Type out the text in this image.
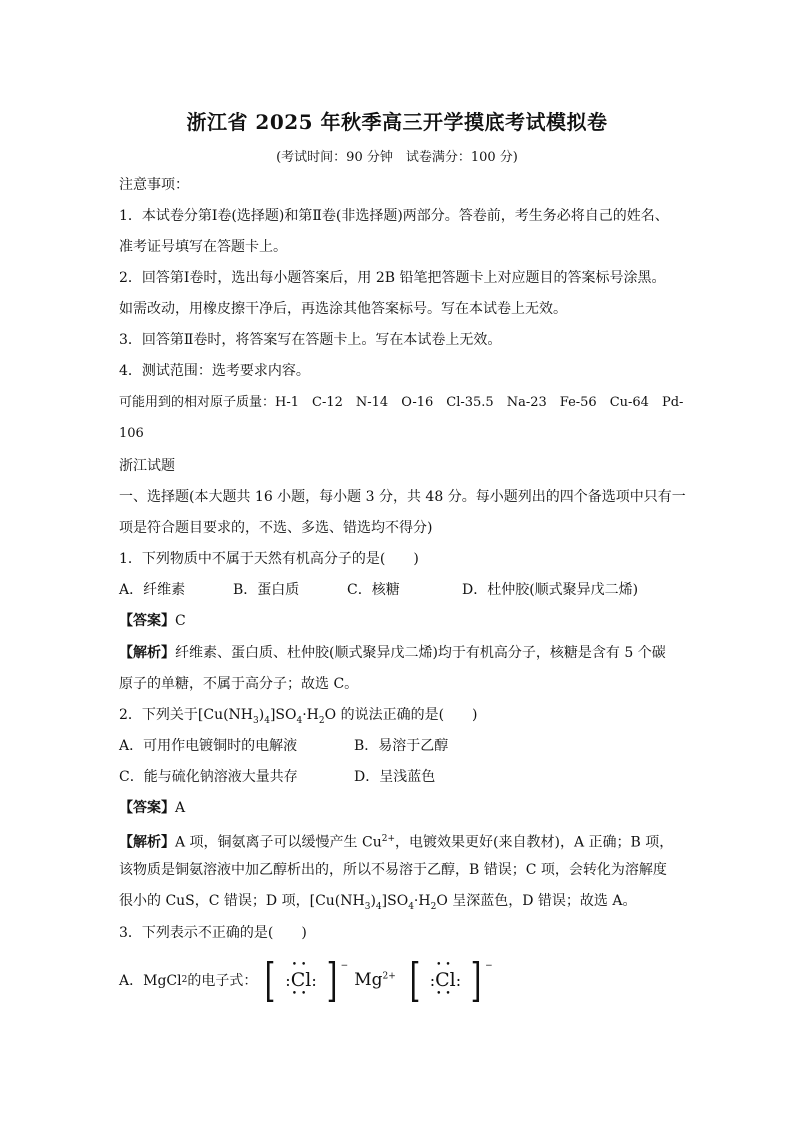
浙江省 2025 年秋季高三开学摸底考试模拟卷
(考试时间：90 分钟　试卷满分：100 分)
注意事项：
1．本试卷分第Ⅰ卷(选择题)和第Ⅱ卷(非选择题)两部分。答卷前，考生务必将自己的姓名、
准考证号填写在答题卡上。
2．回答第Ⅰ卷时，选出每小题答案后，用 2B 铅笔把答题卡上对应题目的答案标号涂黑。
如需改动，用橡皮擦干净后，再选涂其他答案标号。写在本试卷上无效。
3．回答第Ⅱ卷时，将答案写在答题卡上。写在本试卷上无效。
4．测试范围：选考要求内容。
可能用到的相对原子质量：H-1　C-12　N-14　O-16　Cl-35.5　Na-23　Fe-56　Cu-64　Pd-
106
浙江试题
一、选择题(本大题共 16 小题，每小题 3 分，共 48 分。每小题列出的四个备选项中只有一
项是符合题目要求的，不选、多选、错选均不得分)
1．下列物质中不属于天然有机高分子的是(　　)
A．纤维素	B．蛋白质	C．核糖	D．杜仲胶(顺式聚异戊二烯)
【答案】C
【解析】纤维素、蛋白质、杜仲胶(顺式聚异戊二烯)均于有机高分子，核糖是含有 5 个碳
原子的单糖，不属于高分子；故选 C。
2．下列关于$[Cu(NH_3)_4]SO_4\cdot H_2O$ 的说法正确的是(　　)
A．可用作电镀铜时的电解液	B．易溶于乙醇
C．能与硫化钠溶液大量共存	D．呈浅蓝色
【答案】A
【解析】A 项，铜氨离子可以缓慢产生 $Cu^{2+}$，电镀效果更好(来自教材)，A 正确；B 项，
该物质是铜氨溶液中加乙醇析出的，所以不易溶于乙醇，B 错误；C 项，会转化为溶解度
很小的 CuS，C 错误；D 项，$[Cu(NH_3)_4]SO_4\cdot H_2O$ 呈深蓝色，D 错误；故选 A。
3．下列表示不正确的是(　　)
A．MgCl 2 的电子式： [	••
:Cl:
•• ] −
$Mg^{2+}$ [	••
:Cl:
•• ] −
